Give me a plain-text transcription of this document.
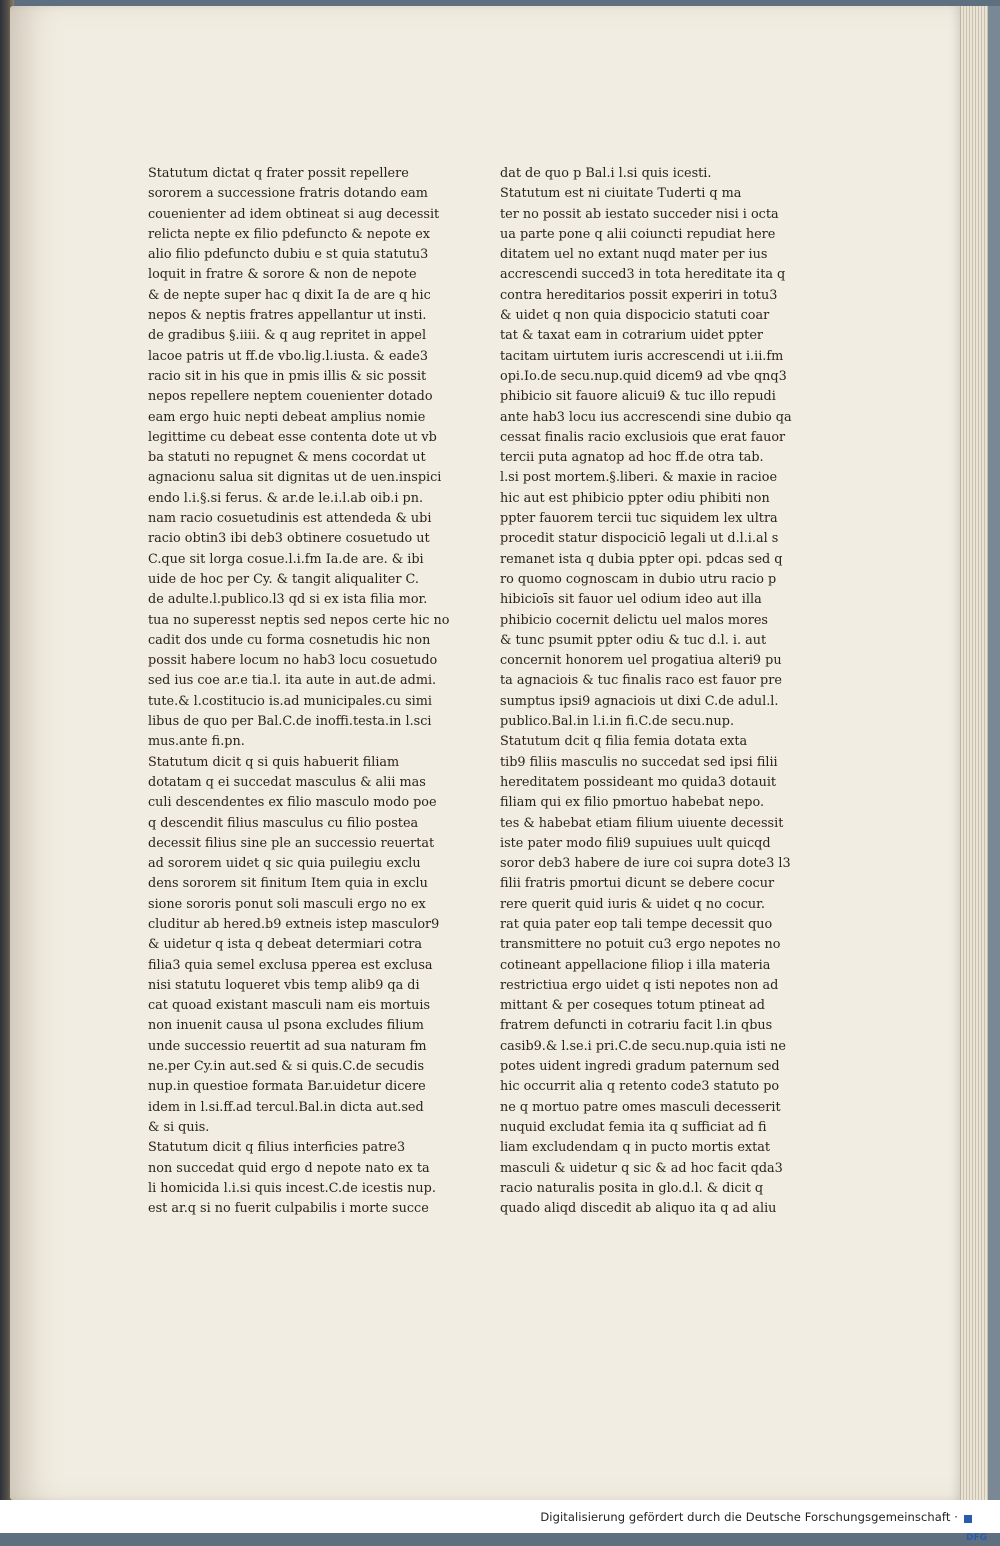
Statutum dictat q frater possit repellere
sororem a successione fratris dotando eam
couenienter ad idem obtineat si aug decessit
relicta nepte ex filio pdefuncto & nepote ex
alio filio pdefuncto dubiu e st quia statutu3
loquit in fratre & sorore & non de nepote
& de nepte super hac q dixit Ia de are q hic
nepos & neptis fratres appellantur ut insti.
de gradibus §.iiii. & q aug repritet in appel
lacoe patris ut ff.de vbo.lig.l.iusta. & eade3
racio sit in his que in pmis illis & sic possit
nepos repellere neptem couenienter dotado
eam ergo huic nepti debeat amplius nomie
legittime cu debeat esse contenta dote ut vb
ba statuti no repugnet & mens cocordat ut
agnacionu salua sit dignitas ut de uen.inspici
endo l.i.§.si ferus. & ar.de le.i.l.ab oib.i pn.
nam racio cosuetudinis est attendeda & ubi
racio obtin3 ibi deb3 obtinere cosuetudo ut
C.que sit lorga cosue.l.i.fm Ia.de are. & ibi
uide de hoc per Cy. & tangit aliqualiter C.
de adulte.l.publico.l3 qd si ex ista filia mor.
tua no superesst neptis sed nepos certe hic no
cadit dos unde cu forma cosnetudis hic non
possit habere locum no hab3 locu cosuetudo
sed ius coe ar.e tia.l. ita aute in aut.de admi.
tute.& l.costitucio is.ad municipales.cu simi
libus de quo per Bal.C.de inoffi.testa.in l.sci
mus.ante fi.pn.
Statutum dicit q si quis habuerit filiam
dotatam q ei succedat masculus & alii mas
culi descendentes ex filio masculo modo poe
q descendit filius masculus cu filio postea
decessit filius sine ple an successio reuertat
ad sororem uidet q sic quia puilegiu exclu
dens sororem sit finitum Item quia in exclu
sione sororis ponut soli masculi ergo no ex
cluditur ab hered.b9 extneis istep masculor9
& uidetur q ista q debeat determiari cotra
filia3 quia semel exclusa pperea est exclusa
nisi statutu loqueret vbis temp alib9 qa di
cat quoad existant masculi nam eis mortuis
non inuenit causa ul psona excludes filium
unde successio reuertit ad sua naturam fm
ne.per Cy.in aut.sed & si quis.C.de secudis
nup.in questioe formata Bar.uidetur dicere
idem in l.si.ff.ad tercul.Bal.in dicta aut.sed
& si quis.
Statutum dicit q filius interficies patre3
non succedat quid ergo d nepote nato ex ta
li homicida l.i.si quis incest.C.de icestis nup.
est ar.q si no fuerit culpabilis i morte succe
dat de quo p Bal.i l.si quis icesti.
Statutum est ni ciuitate Tuderti q ma
ter no possit ab iestato succeder nisi i octa
ua parte pone q alii coiuncti repudiat here
ditatem uel no extant nuqd mater per ius
accrescendi succed3 in tota hereditate ita q
contra hereditarios possit experiri in totu3
& uidet q non quia dispocicio statuti coar
tat & taxat eam in cotrarium uidet ppter
tacitam uirtutem iuris accrescendi ut i.ii.fm
opi.Io.de secu.nup.quid dicem9 ad vbe qnq3
phibicio sit fauore alicui9 & tuc illo repudi
ante hab3 locu ius accrescendi sine dubio qa
cessat finalis racio exclusiois que erat fauor
tercii puta agnatop ad hoc ff.de otra tab.
l.si post mortem.§.liberi. & maxie in racioe
hic aut est phibicio ppter odiu phibiti non
ppter fauorem tercii tuc siquidem lex ultra
procedit statur dispociciō legali ut d.l.i.al s
remanet ista q dubia ppter opi. pdcas sed q
ro quomo cognoscam in dubio utru racio p
hibicioīs sit fauor uel odium ideo aut illa
phibicio cocernit delictu uel malos mores
& tunc psumit ppter odiu & tuc d.l. i. aut
concernit honorem uel progatiua alteri9 pu
ta agnaciois & tuc finalis raco est fauor pre
sumptus ipsi9 agnaciois ut dixi C.de adul.l.
publico.Bal.in l.i.in fi.C.de secu.nup.
Statutum dcit q filia femia dotata exta
tib9 filiis masculis no succedat sed ipsi filii
hereditatem possideant mo quida3 dotauit
filiam qui ex filio pmortuo habebat nepo.
tes & habebat etiam filium uiuente decessit
iste pater modo fili9 supuiues uult quicqd
soror deb3 habere de iure coi supra dote3 l3
filii fratris pmortui dicunt se debere cocur
rere querit quid iuris & uidet q no cocur.
rat quia pater eop tali tempe decessit quo
transmittere no potuit cu3 ergo nepotes no
cotineant appellacione filiop i illa materia
restrictiua ergo uidet q isti nepotes non ad
mittant & per coseques totum ptineat ad
fratrem defuncti in cotrariu facit l.in qbus
casib9.& l.se.i pri.C.de secu.nup.quia isti ne
potes uident ingredi gradum paternum sed
hic occurrit alia q retento code3 statuto po
ne q mortuo patre omes masculi decesserit
nuquid excludat femia ita q sufficiat ad fi
liam excludendam q in pucto mortis extat
masculi & uidetur q sic & ad hoc facit qda3
racio naturalis posita in glo.d.l. & dicit q
quado aliqd discedit ab aliquo ita q ad aliu
Digitalisierung gefördert durch die Deutsche Forschungsgemeinschaft ·
DFG
